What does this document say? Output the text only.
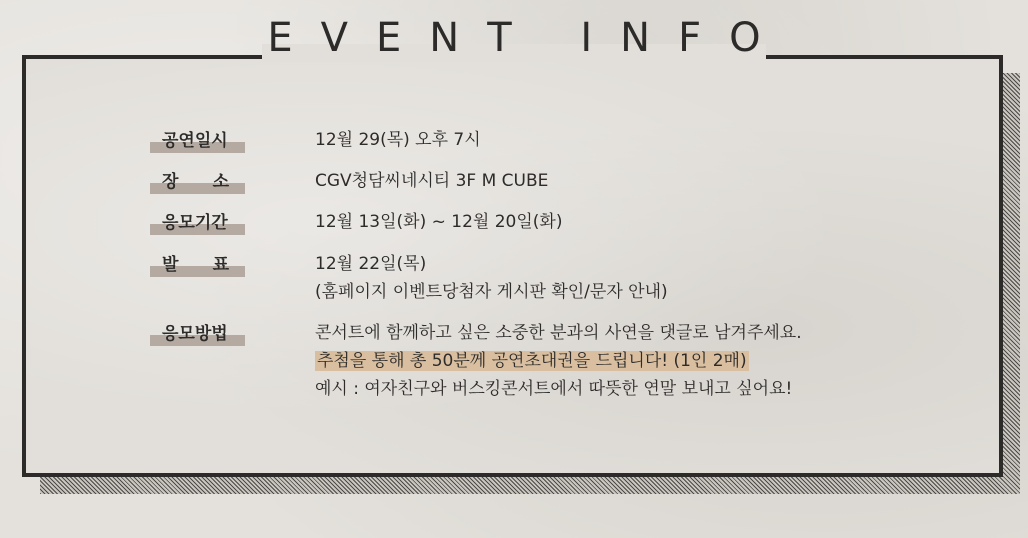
EVENT INFO
공연일시	12월 29(목) 오후 7시
장 소	CGV청담씨네시티 3F M CUBE
응모기간	12월 13일(화) ~ 12월 20일(화)
발 표	12월 22일(목)
(홈페이지 이벤트당첨자 게시판 확인/문자 안내)
응모방법	콘서트에 함께하고 싶은 소중한 분과의 사연을 댓글로 남겨주세요.
추첨을 통해 총 50분께 공연초대권을 드립니다! (1인 2매)
예시 : 여자친구와 버스킹콘서트에서 따뜻한 연말 보내고 싶어요!
